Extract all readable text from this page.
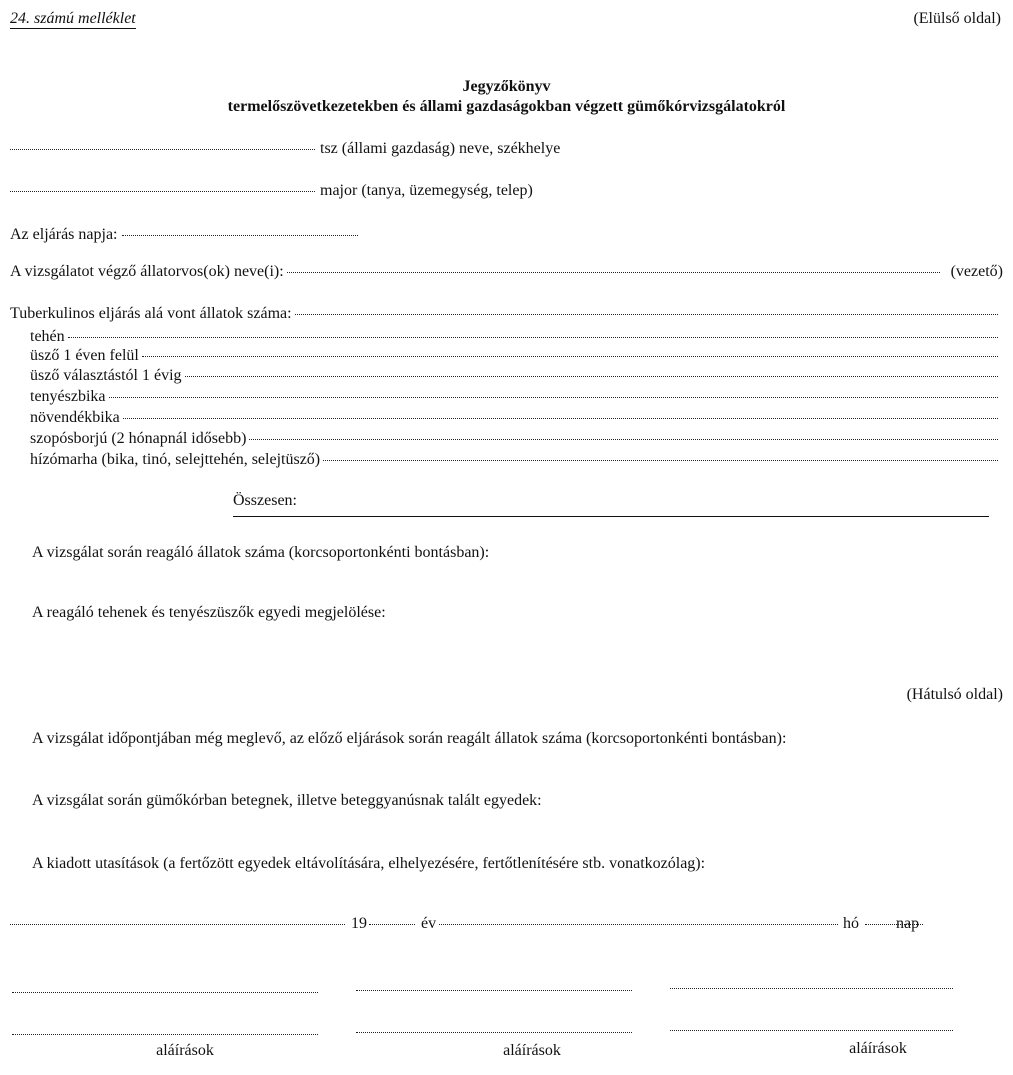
24. számú melléklet	(Elülső oldal)
Jegyzőkönyv
termelőszövetkezetekben és állami gazdaságokban végzett gümőkórvizsgálatokról
tsz (állami gazdaság) neve, székhelye
major (tanya, üzemegység, telep)
Az eljárás napja:
A vizsgálatot végző állatorvos(ok) neve(i):	(vezető)
Tuberkulinos eljárás alá vont állatok száma:
tehén
üsző 1 éven felül
üsző választástól 1 évig
tenyészbika
növendékbika
szopósborjú (2 hónapnál idősebb)
hízómarha (bika, tinó, selejttehén, selejtüsző)
Összesen:
A vizsgálat során reagáló állatok száma (korcsoportonkénti bontásban):
A reagáló tehenek és tenyészüszők egyedi megjelölése:
(Hátulsó oldal)
A vizsgálat időpontjában még meglevő, az előző eljárások során reagált állatok száma (korcsoportonkénti bontásban):
A vizsgálat során gümőkórban betegnek, illetve beteggyanúsnak talált egyedek:
A kiadott utasítások (a fertőzött egyedek eltávolítására, elhelyezésére, fertőtlenítésére stb. vonatkozólag):
19	év	hó nap
aláírások	aláírások	aláírások
